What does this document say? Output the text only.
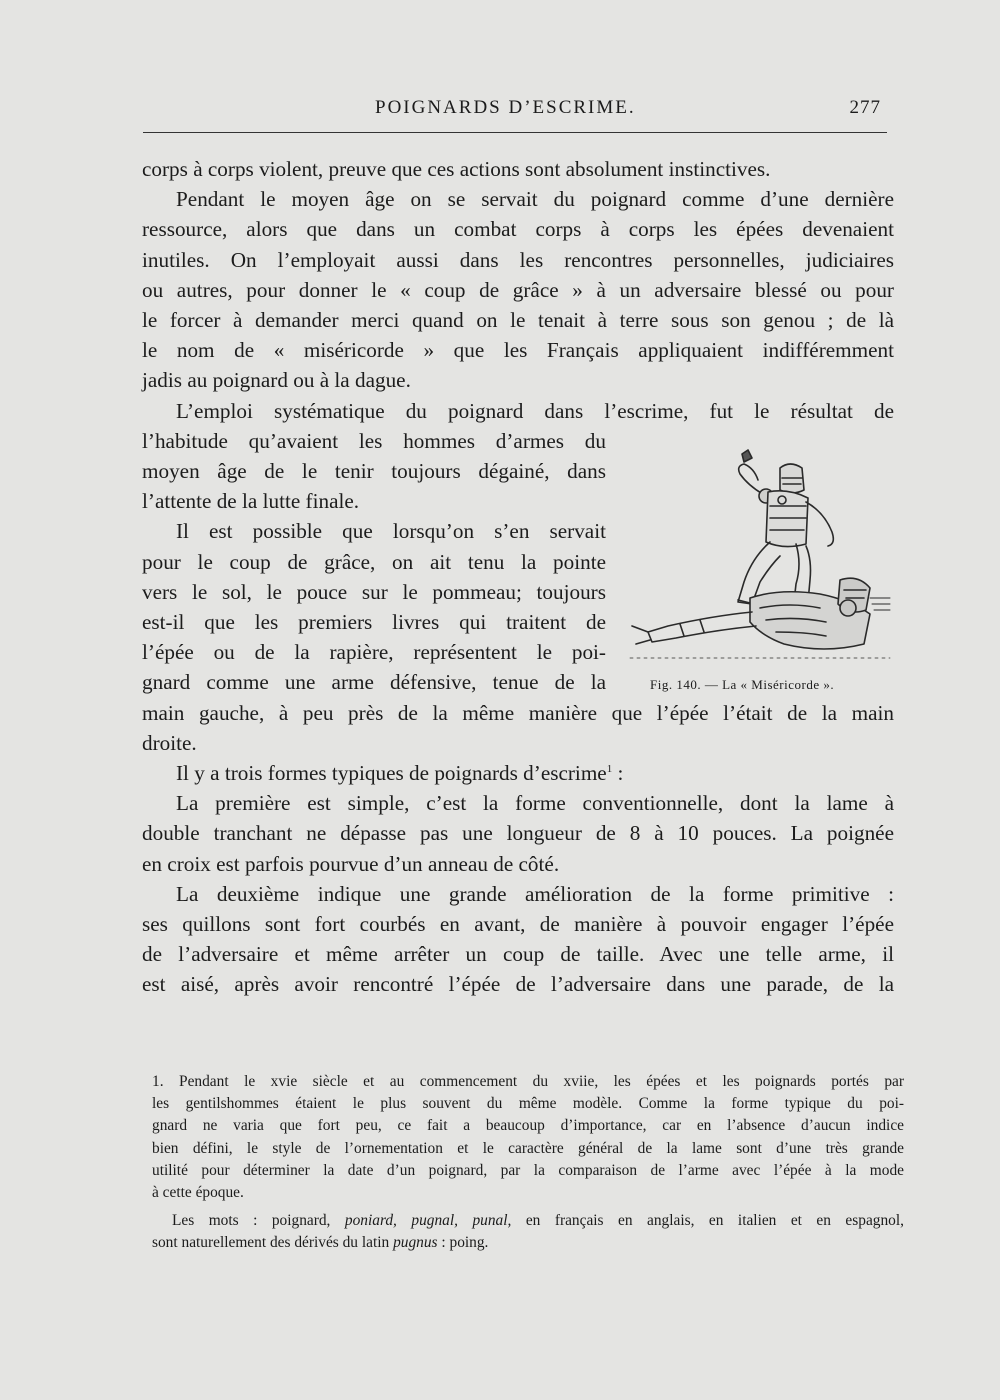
POIGNARDS D’ESCRIME.	277

corps à corps violent, preuve que ces actions sont absolument instinctives.

Pendant le moyen âge on se servait du poignard comme d’une dernière
ressource, alors que dans un combat corps à corps les épées devenaient
inutiles. On l’employait aussi dans les rencontres personnelles, judiciaires
ou autres, pour donner le « coup de grâce » à un adversaire blessé ou pour
le forcer à demander merci quand on le tenait à terre sous son genou ; de là
le nom de « miséricorde » que les Français appliquaient indifféremment
jadis au poignard ou à la dague.

L’emploi systématique du poignard dans l’escrime, fut le résultat de
l’habitude qu’avaient les hommes d’armes du
moyen âge de le tenir toujours dégainé, dans
l’attente de la lutte finale.

Il est possible que lorsqu’on s’en servait
pour le coup de grâce, on ait tenu la pointe
vers le sol, le pouce sur le pommeau; toujours
est-il que les premiers livres qui traitent de
l’épée ou de la rapière, représentent le poi-
gnard comme une arme défensive, tenue de la
main gauche, à peu près de la même manière que l’épée l’était de la main
droite.

Il y a trois formes typiques de poignards d’escrime$^1$ :

La première est simple, c’est la forme conventionnelle, dont la lame à
double tranchant ne dépasse pas une longueur de 8 à 10 pouces. La poignée
en croix est parfois pourvue d’un anneau de côté.

La deuxième indique une grande amélioration de la forme primitive :
ses quillons sont fort courbés en avant, de manière à pouvoir engager l’épée
de l’adversaire et même arrêter un coup de taille. Avec une telle arme, il
est aisé, après avoir rencontré l’épée de l’adversaire dans une parade, de la

Fig. 140. — La « Miséricorde ».
1. Pendant le xvie siècle et au commencement du xviie, les épées et les poignards portés par
les gentilshommes étaient le plus souvent du même modèle. Comme la forme typique du poi-
gnard ne varia que fort peu, ce fait a beaucoup d’importance, car en l’absence d’aucun indice
bien défini, le style de l’ornementation et le caractère général de la lame sont d’une très grande
utilité pour déterminer la date d’un poignard, par la comparaison de l’arme avec l’épée à la mode
à cette époque.
Les mots : poignard, poniard, pugnal, punal, en français en anglais, en italien et en espagnol,
sont naturellement des dérivés du latin pugnus : poing.
